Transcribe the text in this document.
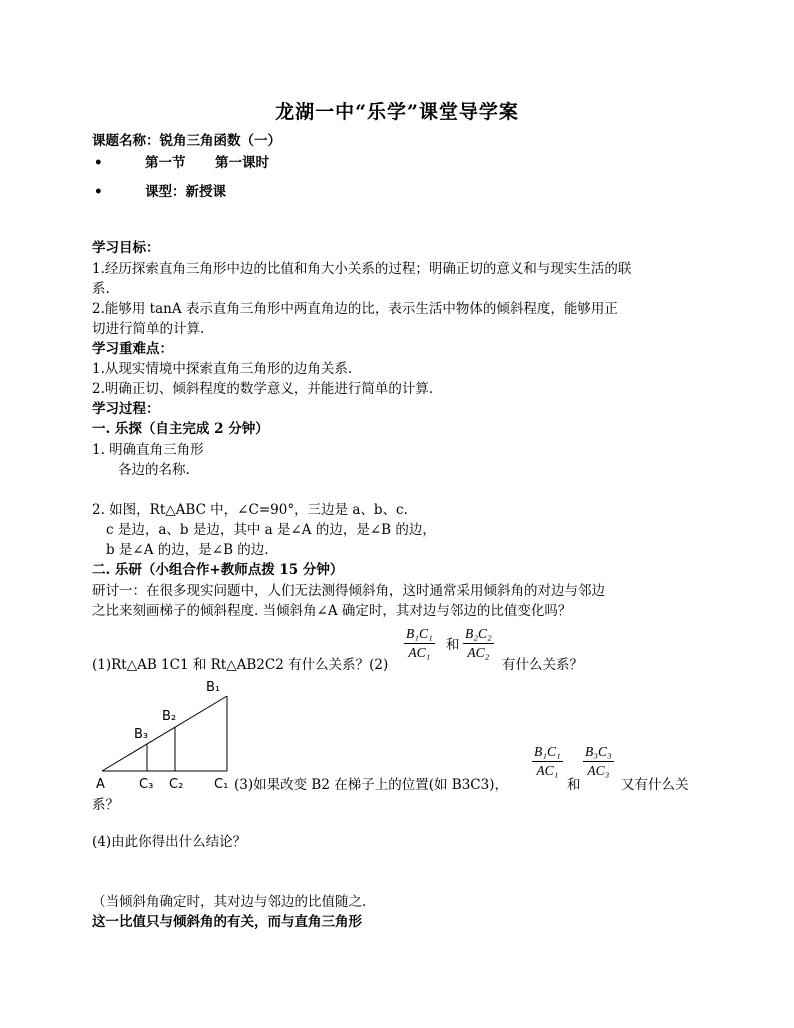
龙湖一中“乐学”课堂导学案
课题名称：锐角三角函数（一）
•	第一节 第一课时
•	课型：新授课
学习目标：
1.经历探索直角三角形中边的比值和角大小关系的过程；明确正切的意义和与现实生活的联
系.
2.能够用 tanA 表示直角三角形中两直角边的比，表示生活中物体的倾斜程度，能够用正
切进行简单的计算.
学习重难点：
1.从现实情境中探索直角三角形的边角关系.
2.明确正切、倾斜程度的数学意义，并能进行简单的计算.
学习过程：
一. 乐探（自主完成 2 分钟）
1. 明确直角三角形
各边的名称.
2. 如图，Rt△ABC 中，∠C=90°，三边是 a、b、c.
c 是边，a、b 是边，其中 a 是∠A 的边，是∠B 的边，
b 是∠A 的边，是∠B 的边.
二. 乐研（小组合作+教师点拨 15 分钟）
研讨一：在很多现实问题中，人们无法测得倾斜角，这时通常采用倾斜角的对边与邻边
之比来刻画梯子的倾斜程度. 当倾斜角∠A 确定时，其对边与邻边的比值变化吗？
(1)Rt△AB 1C1 和 Rt△AB2C2 有什么关系？(2)
$\frac{\text{B₁C₁}}{\text{AC₁}}$ 和 $\frac{\text{B₂C₂}}{\text{AC₂}}$
有什么关系？
A	C₃ C₂ C₁
B₁
B₂
B₃
(3)如果改变 B2 在梯子上的位置(如 B3C3)，
$\frac{\text{B₁C₁}}{\text{AC₁}}$
和
$\frac{\text{B₃C₃}}{\text{AC₃}}$
又有什么关
系？
(4)由此你得出什么结论？
（当倾斜角确定时，其对边与邻边的比值随之.
这一比值只与倾斜角的有关，而与直角三角形
